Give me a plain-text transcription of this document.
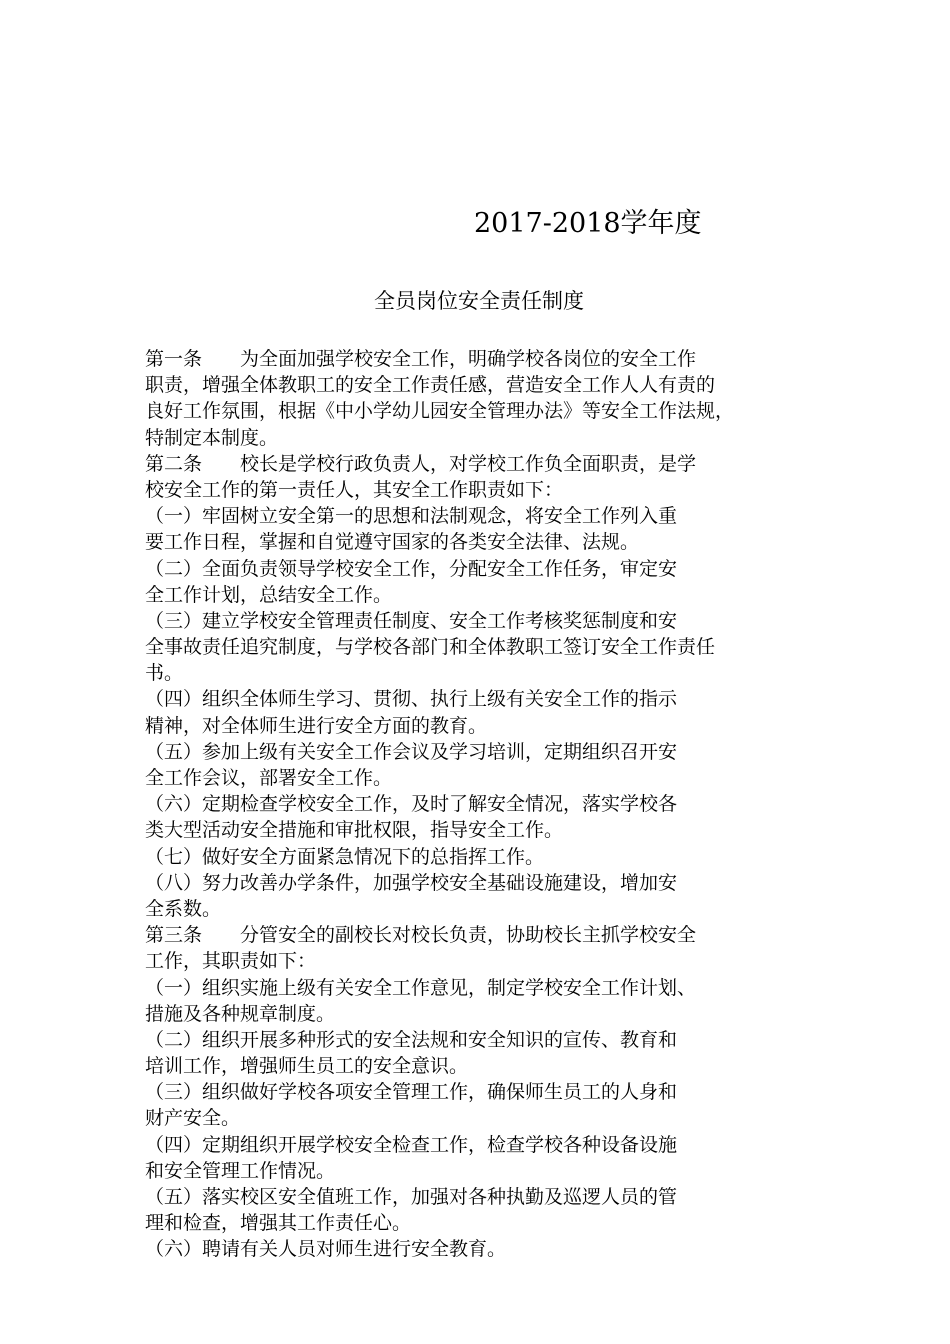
2017-2018学年度
全员岗位安全责任制度
第一条　　为全面加强学校安全工作，明确学校各岗位的安全工作
职责，增强全体教职工的安全工作责任感，营造安全工作人人有责的
良好工作氛围，根据《中小学幼儿园安全管理办法》等安全工作法规，
特制定本制度。
第二条　　校长是学校行政负责人，对学校工作负全面职责，是学
校安全工作的第一责任人，其安全工作职责如下：
（一）牢固树立安全第一的思想和法制观念，将安全工作列入重
要工作日程，掌握和自觉遵守国家的各类安全法律、法规。
（二）全面负责领导学校安全工作，分配安全工作任务，审定安
全工作计划，总结安全工作。
（三）建立学校安全管理责任制度、安全工作考核奖惩制度和安
全事故责任追究制度，与学校各部门和全体教职工签订安全工作责任
书。
（四）组织全体师生学习、贯彻、执行上级有关安全工作的指示
精神，对全体师生进行安全方面的教育。
（五）参加上级有关安全工作会议及学习培训，定期组织召开安
全工作会议，部署安全工作。
（六）定期检查学校安全工作，及时了解安全情况，落实学校各
类大型活动安全措施和审批权限，指导安全工作。
（七）做好安全方面紧急情况下的总指挥工作。
（八）努力改善办学条件，加强学校安全基础设施建设，增加安
全系数。
第三条　　分管安全的副校长对校长负责，协助校长主抓学校安全
工作，其职责如下：
（一）组织实施上级有关安全工作意见，制定学校安全工作计划、
措施及各种规章制度。
（二）组织开展多种形式的安全法规和安全知识的宣传、教育和
培训工作，增强师生员工的安全意识。
（三）组织做好学校各项安全管理工作，确保师生员工的人身和
财产安全。
（四）定期组织开展学校安全检查工作，检查学校各种设备设施
和安全管理工作情况。
（五）落实校区安全值班工作，加强对各种执勤及巡逻人员的管
理和检查，增强其工作责任心。
（六）聘请有关人员对师生进行安全教育。
